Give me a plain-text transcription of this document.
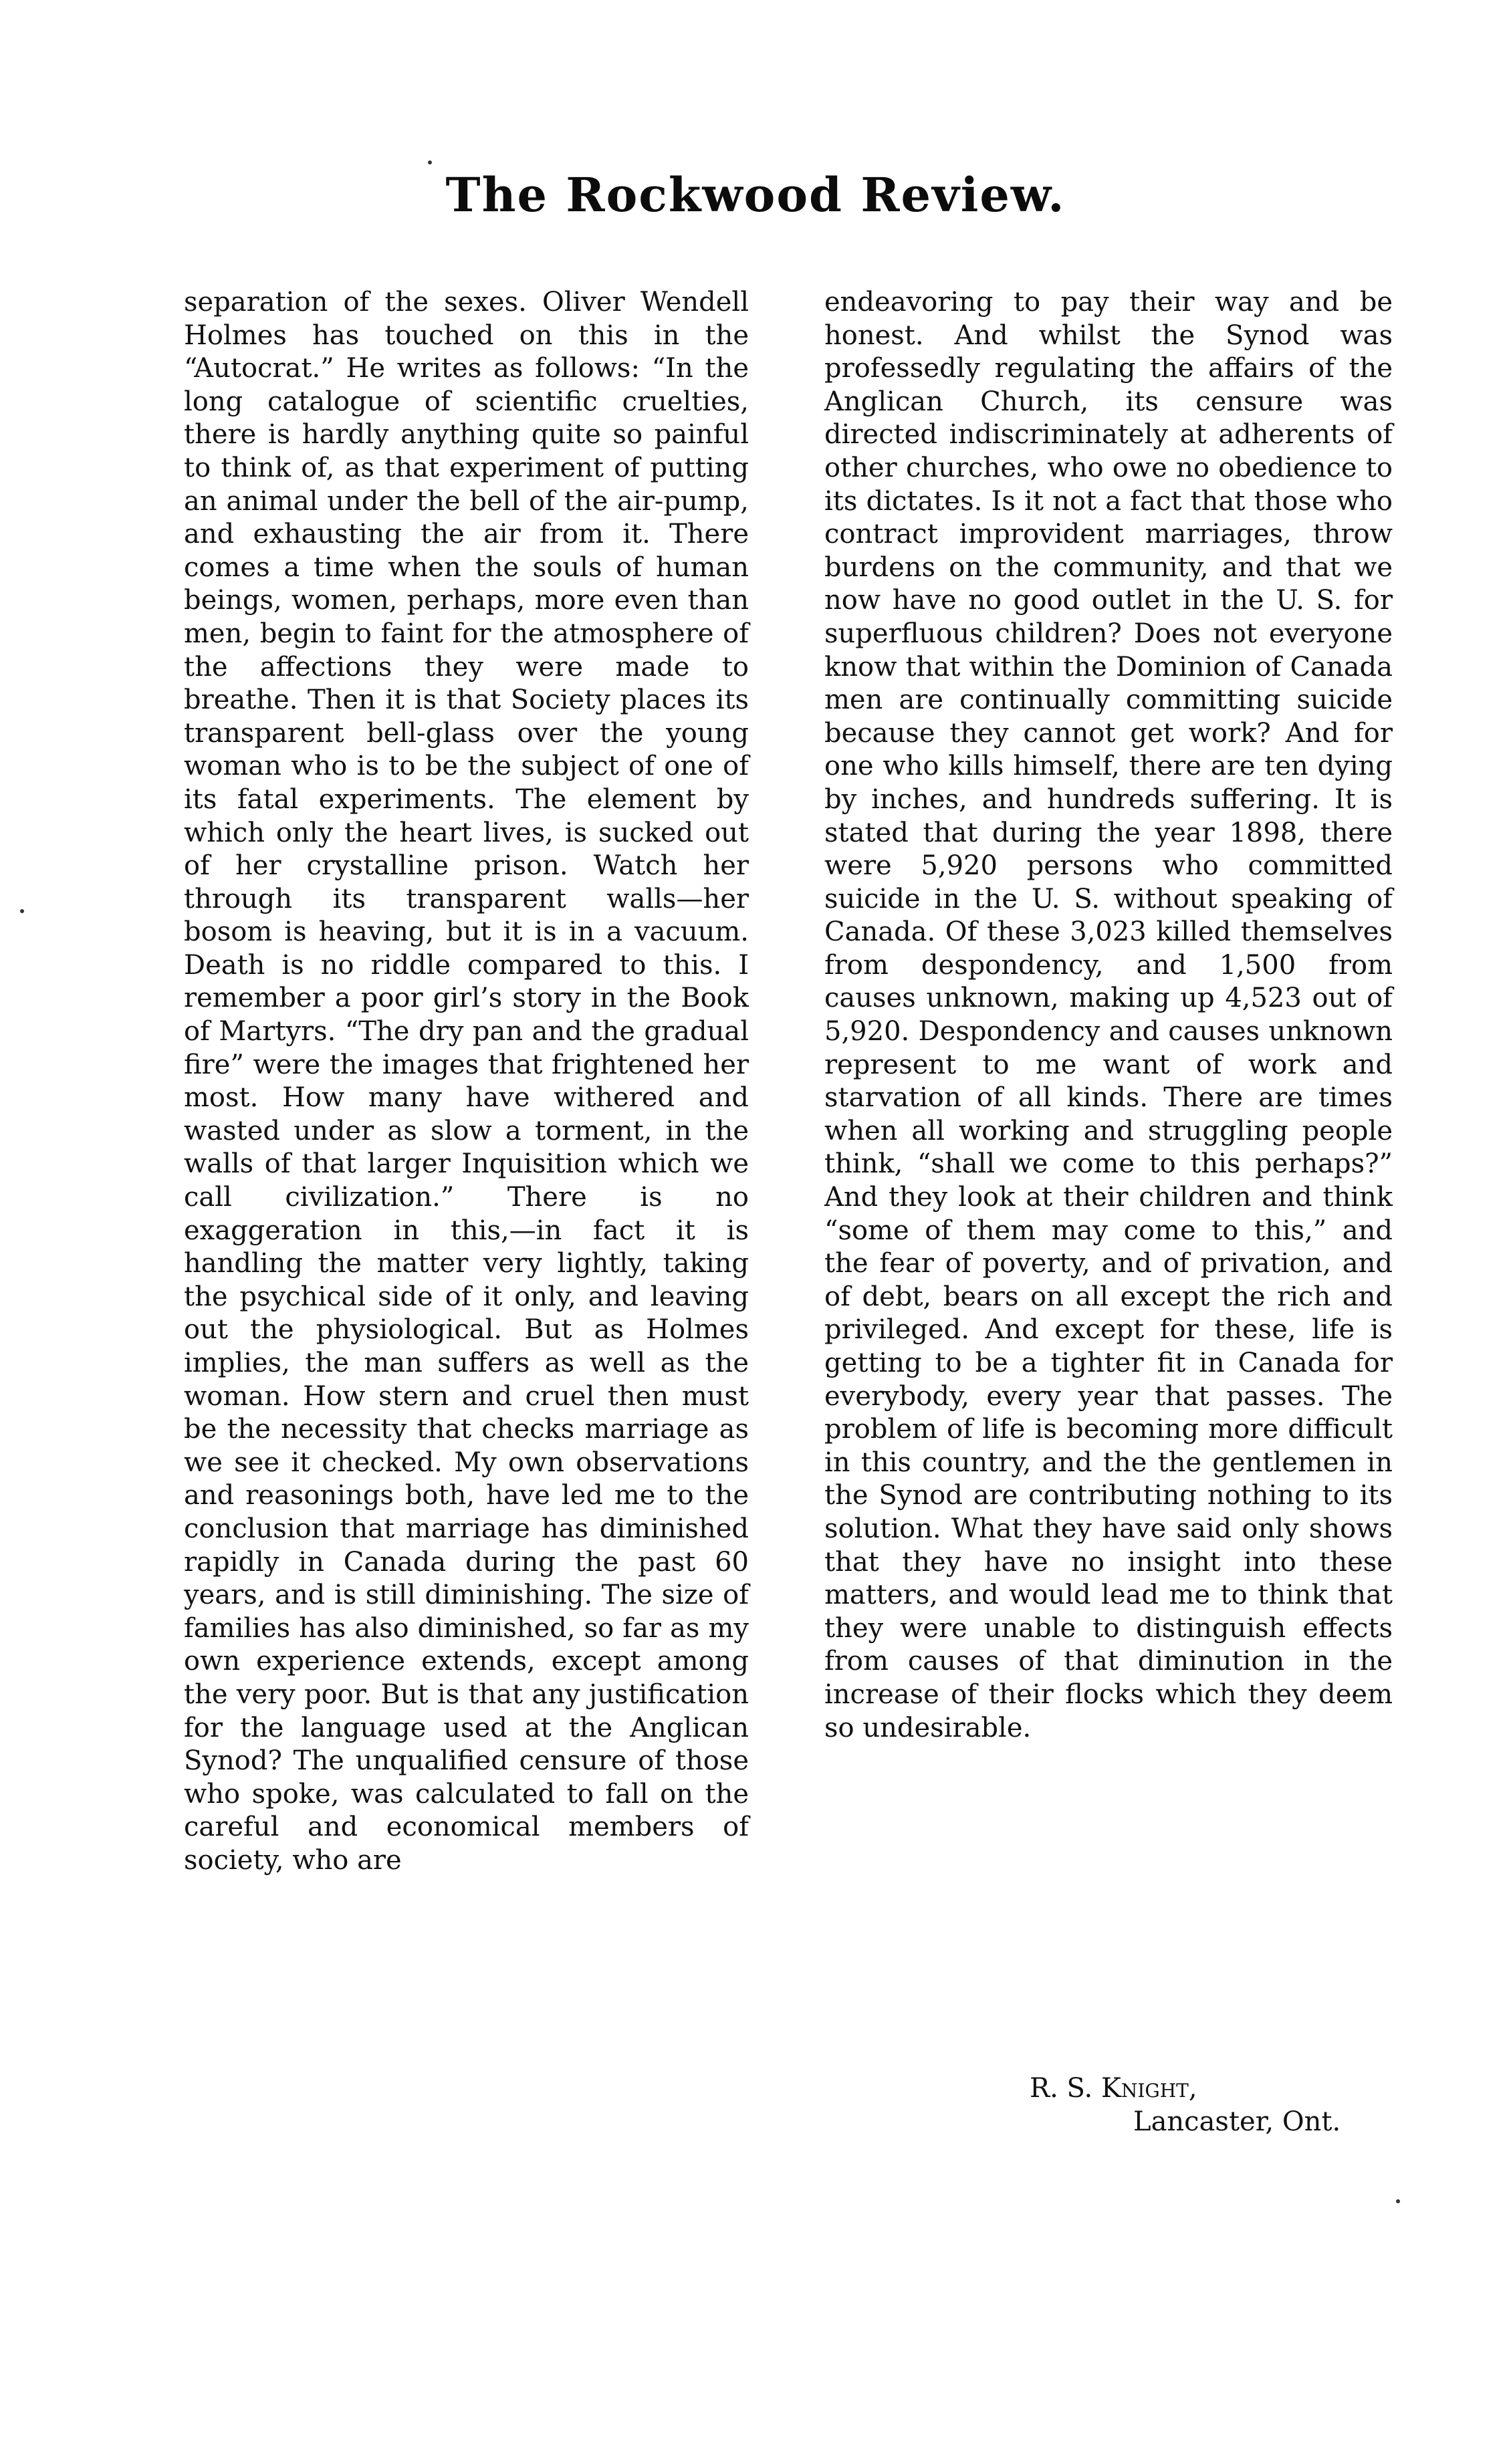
The Rockwood Review.

separation of the sexes. Oliver Wendell Holmes has touched on this in the “Autocrat.” He writes as follows: “In the long catalogue of scientific cruelties, there is hardly anything quite so painful to think of, as that experiment of putting an animal under the bell of the air-pump, and exhausting the air from it. There comes a time when the souls of human beings, women, perhaps, more even than men, begin to faint for the atmosphere of the affections they were made to breathe. Then it is that Society places its transparent bell-glass over the young woman who is to be the subject of one of its fatal experiments. The element by which only the heart lives, is sucked out of her crystalline prison. Watch her through its transparent walls—her bosom is heaving, but it is in a vacuum. Death is no riddle compared to this. I remember a poor girl’s story in the Book of Martyrs. “The dry pan and the gradual fire” were the images that frightened her most. How many have withered and wasted under as slow a torment, in the walls of that larger Inquisition which we call civilization.” There is no exaggeration in this,—in fact it is handling the matter very lightly, taking the psychical side of it only, and leaving out the physiological. But as Holmes implies, the man suffers as well as the woman. How stern and cruel then must be the necessity that checks marriage as we see it checked. My own observations and reasonings both, have led me to the conclusion that marriage has diminished rapidly in Canada during the past 60 years, and is still diminishing. The size of families has also diminished, so far as my own experience extends, except among the very poor. But is that any justification for the language used at the Anglican Synod? The unqualified censure of those who spoke, was calculated to fall on the careful and economical members of society, who are

endeavoring to pay their way and be honest. And whilst the Synod was professedly regulating the affairs of the Anglican Church, its censure was directed indiscriminately at adherents of other churches, who owe no obedience to its dictates. Is it not a fact that those who contract improvident marriages, throw burdens on the community, and that we now have no good outlet in the U. S. for superfluous children? Does not everyone know that within the Dominion of Canada men are continually committing suicide because they cannot get work? And for one who kills himself, there are ten dying by inches, and hundreds suffering. It is stated that during the year 1898, there were 5,920 persons who committed suicide in the U. S. without speaking of Canada. Of these 3,023 killed themselves from despondency, and 1,500 from causes unknown, making up 4,523 out of 5,920. Despondency and causes unknown represent to me want of work and starvation of all kinds. There are times when all working and struggling people think, “shall we come to this perhaps?” And they look at their children and think “some of them may come to this,” and the fear of poverty, and of privation, and of debt, bears on all except the rich and privileged. And except for these, life is getting to be a tighter fit in Canada for everybody, every year that passes. The problem of life is becoming more difficult in this country, and the the gentlemen in the Synod are contributing nothing to its solution. What they have said only shows that they have no insight into these matters, and would lead me to think that they were unable to distinguish effects from causes of that diminution in the increase of their flocks which they deem so undesirable.

R. S. Knight,
Lancaster, Ont.
